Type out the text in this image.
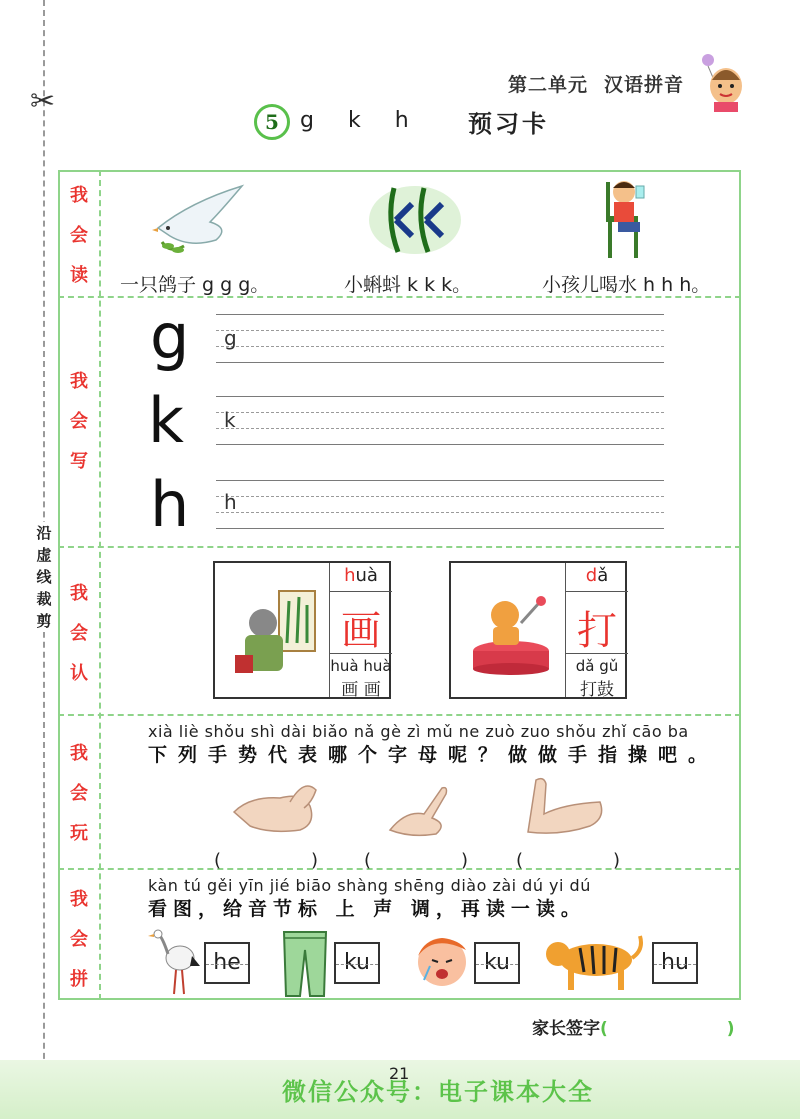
✂
沿
虚
线
裁
剪
第二单元 汉语拼音
5 g k h	预习卡
我
会
读	一只鸽子 g g g。	小蝌蚪 k k k。	小孩儿喝水 h h h。
我
会
写
g
k
h
g
k
h
我
会
认
huà
画
huà huà
画 画
dǎ
打
dǎ gǔ
打鼓
我
会
玩
xià liè shǒu shì dài biǎo nǎ gè zì mǔ ne zuò zuo shǒu zhǐ cāo ba
下列手势代表哪个字母呢？做做手指操吧。
(　　　　　)	(　　　　　)	(　　　　　)
我
会
拼
kàn tú gěi yīn jié biāo shàng shēng diào zài dú yi dú
看图，给音节标 上 声 调，再读一读。
he	ku	ku	hu
家长签字(　　　　　　　)
21
微信公众号：电子课本大全
